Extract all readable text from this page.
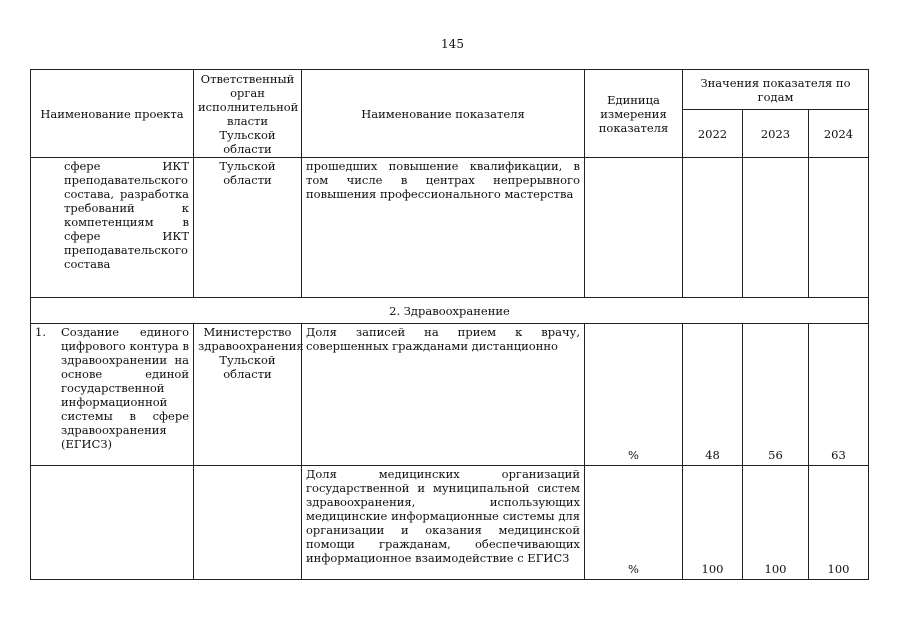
145
Наименование проекта	Ответственный орган исполнительной власти Тульской области	Наименование показателя	Единица измерения показателя	Значения показателя по годам		
				2022	2023	2024

сфере ИКТ преподавательского состава, разработка требований к компетенциям в сфере ИКТ преподавательского состава	Тульской области	прошедших повышение квалификации, в том числе в центрах непрерывного повышения профессионального мастерства				

2. Здравоохранение						

1. Создание единого цифрового контура в здравоохранении на основе единой государственной информационной системы в сфере здравоохранения (ЕГИСЗ)	Министерство здравоохранения Тульской области	Доля записей на прием к врачу, совершенных гражданами дистанционно	%	48	56	63

		Доля медицинских организаций государственной и муниципальной систем здравоохранения, использующих медицинские информационные системы для организации и оказания медицинской помощи гражданам, обеспечивающих информационное взаимодействие с ЕГИСЗ	%	100	100	100
